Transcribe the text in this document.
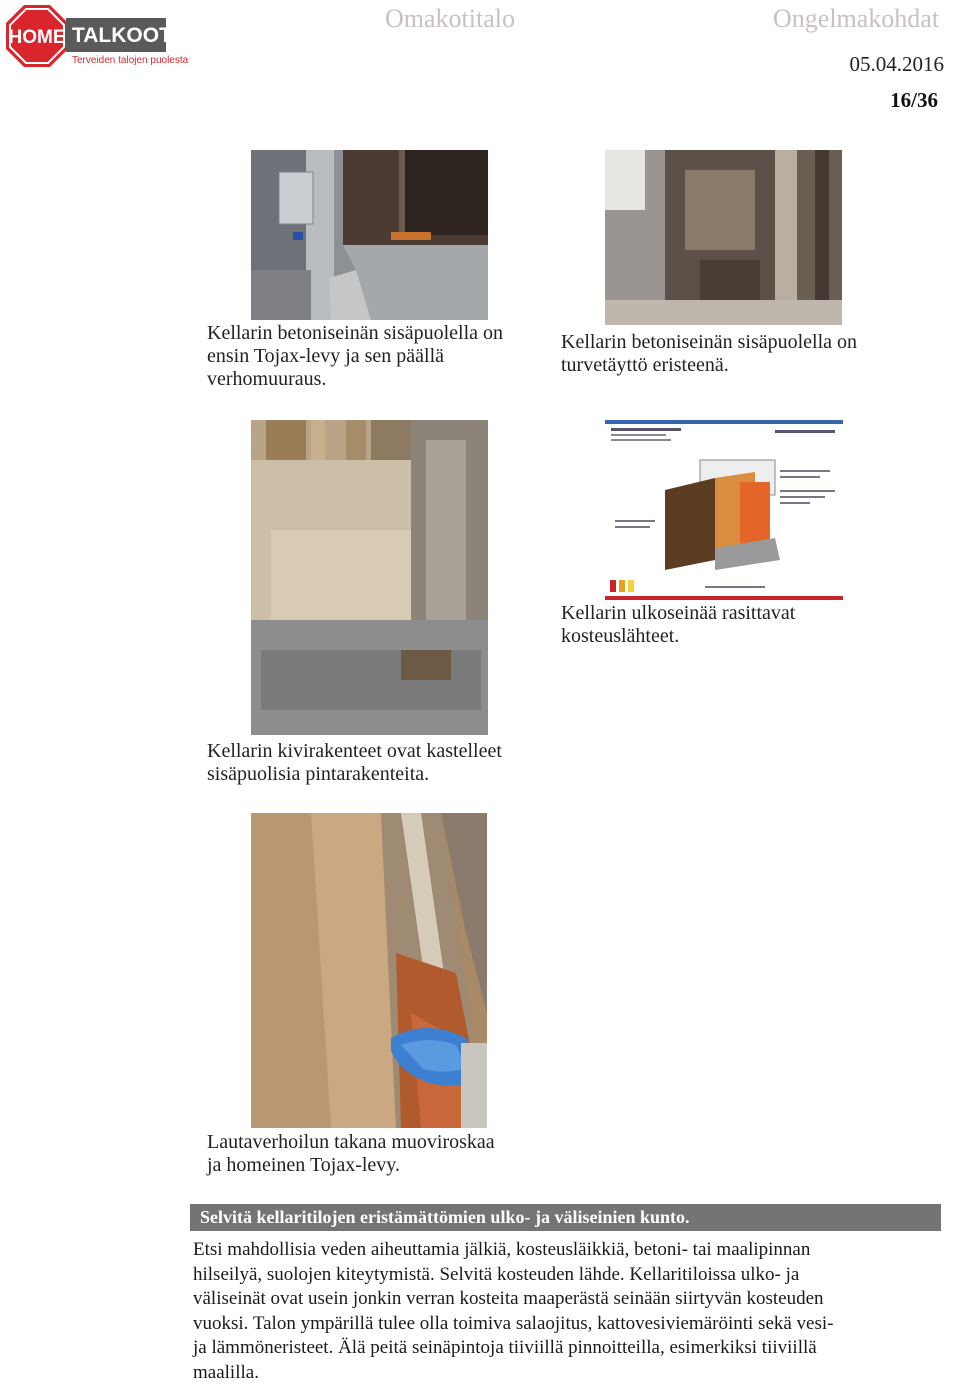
HOME TALKOOT.FI
Terveiden talojen puolesta
Omakotitalo	Ongelmakohdat
05.04.2016
16/36
Kellarin betoniseinän sisäpuolella on
ensin Tojax-levy ja sen päällä
verhomuuraus.
Kellarin betoniseinän sisäpuolella on
turvetäyttö eristeenä.
Kellarin ulkoseinää rasittavat
kosteuslähteet.
Kellarin kivirakenteet ovat kastelleet
sisäpuolisia pintarakenteita.
Lautaverhoilun takana muoviroskaa
ja homeinen Tojax-levy.
Selvitä kellaritilojen eristämättömien ulko- ja väliseinien kunto.
Etsi mahdollisia veden aiheuttamia jälkiä, kosteusläikkiä, betoni- tai maalipinnan
hilseilyä, suolojen kiteytymistä. Selvitä kosteuden lähde. Kellaritiloissa ulko- ja
väliseinät ovat usein jonkin verran kosteita maaperästä seinään siirtyvän kosteuden
vuoksi. Talon ympärillä tulee olla toimiva salaojitus, kattovesiviemäröinti sekä vesi-
ja lämmöneristeet. Älä peitä seinäpintoja tiiviillä pinnoitteilla, esimerkiksi tiiviillä
maalilla.
